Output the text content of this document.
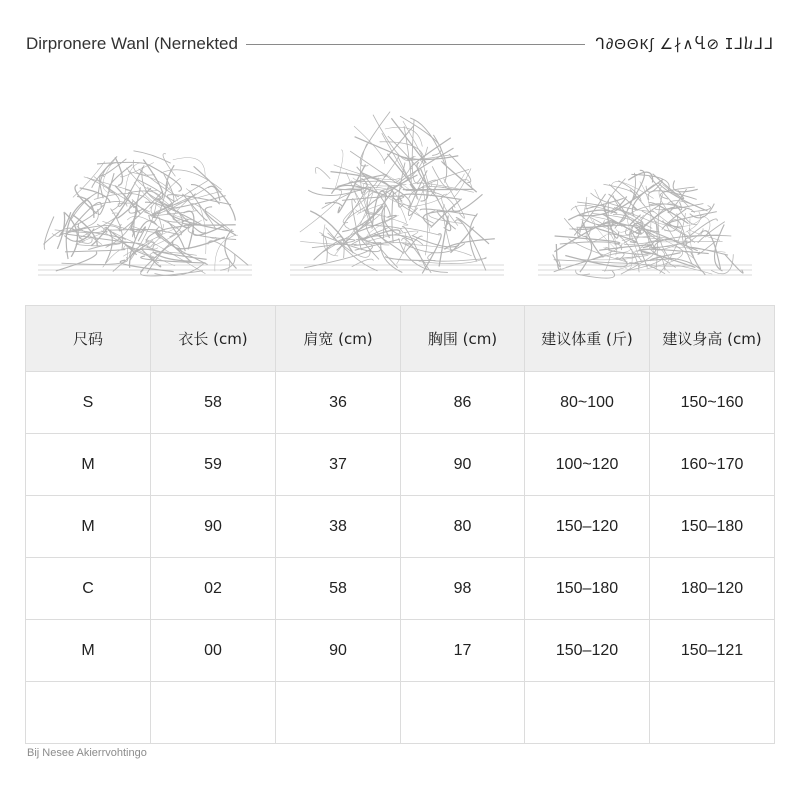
Dirpronere Wanl (Nernekted	ᒉ∂ΘΘК∫ ∠∤∧Ⴁ⊘ ⵊᒧⴑᒧᒧ
尺码	衣长 (cm)	肩宽 (cm)	胸围 (cm)	建议体重 (斤)	建议身高 (cm)
S	58	36	86	80~100	150~160
M	59	37	90	100~120	160~170
M	90	38	80	150–120	150–180
C	02	58	98	150–180	180–120
M	00	90	17	150–120	150–121

Bij Nesee Akierrvohtingo
